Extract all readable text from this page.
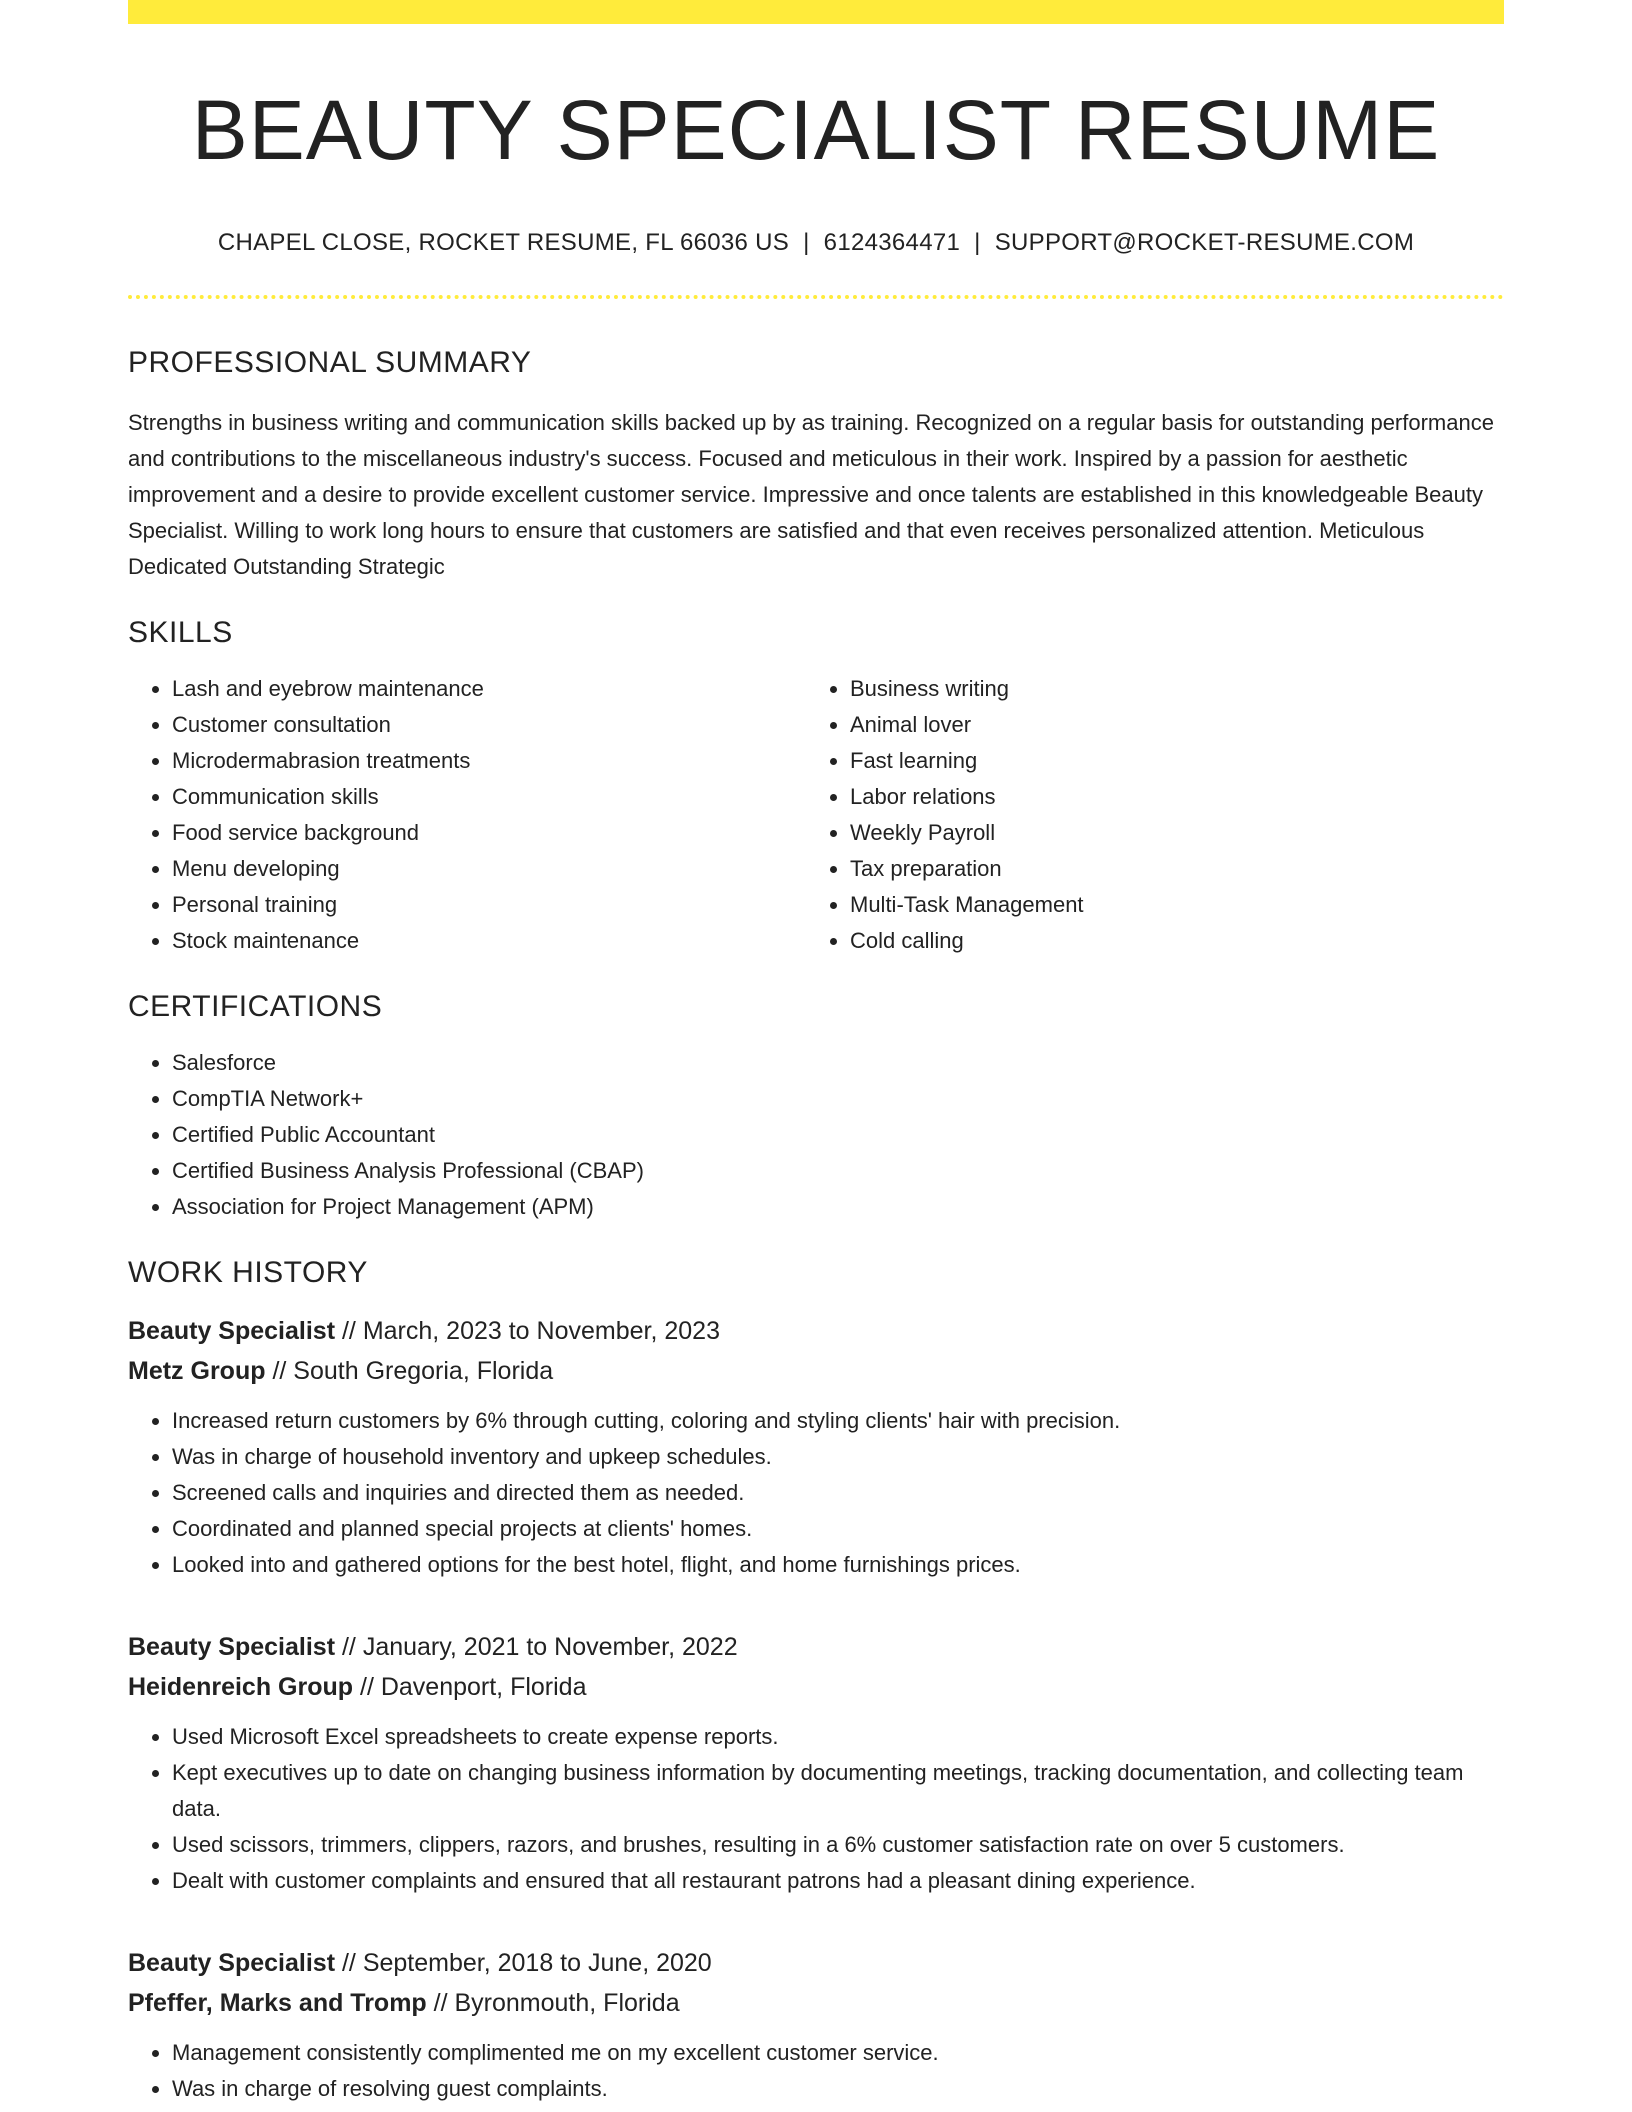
BEAUTY SPECIALIST RESUME
CHAPEL CLOSE, ROCKET RESUME, FL 66036 US | 6124364471 | SUPPORT@ROCKET-RESUME.COM
PROFESSIONAL SUMMARY
Strengths in business writing and communication skills backed up by as training. Recognized on a regular basis for outstanding performance and contributions to the miscellaneous industry's success. Focused and meticulous in their work. Inspired by a passion for aesthetic improvement and a desire to provide excellent customer service. Impressive and once talents are established in this knowledgeable Beauty Specialist. Willing to work long hours to ensure that customers are satisfied and that even receives personalized attention. Meticulous Dedicated Outstanding Strategic
SKILLS
• Lash and eyebrow maintenance
• Customer consultation
• Microdermabrasion treatments
• Communication skills
• Food service background
• Menu developing
• Personal training
• Stock maintenance
• Business writing
• Animal lover
• Fast learning
• Labor relations
• Weekly Payroll
• Tax preparation
• Multi-Task Management
• Cold calling
CERTIFICATIONS
• Salesforce
• CompTIA Network+
• Certified Public Accountant
• Certified Business Analysis Professional (CBAP)
• Association for Project Management (APM)
WORK HISTORY
Beauty Specialist // March, 2023 to November, 2023
Metz Group // South Gregoria, Florida
• Increased return customers by 6% through cutting, coloring and styling clients' hair with precision.
• Was in charge of household inventory and upkeep schedules.
• Screened calls and inquiries and directed them as needed.
• Coordinated and planned special projects at clients' homes.
• Looked into and gathered options for the best hotel, flight, and home furnishings prices.
Beauty Specialist // January, 2021 to November, 2022
Heidenreich Group // Davenport, Florida
• Used Microsoft Excel spreadsheets to create expense reports.
• Kept executives up to date on changing business information by documenting meetings, tracking documentation, and collecting team data.
• Used scissors, trimmers, clippers, razors, and brushes, resulting in a 6% customer satisfaction rate on over 5 customers.
• Dealt with customer complaints and ensured that all restaurant patrons had a pleasant dining experience.
Beauty Specialist // September, 2018 to June, 2020
Pfeffer, Marks and Tromp // Byronmouth, Florida
• Management consistently complimented me on my excellent customer service.
• Was in charge of resolving guest complaints.
